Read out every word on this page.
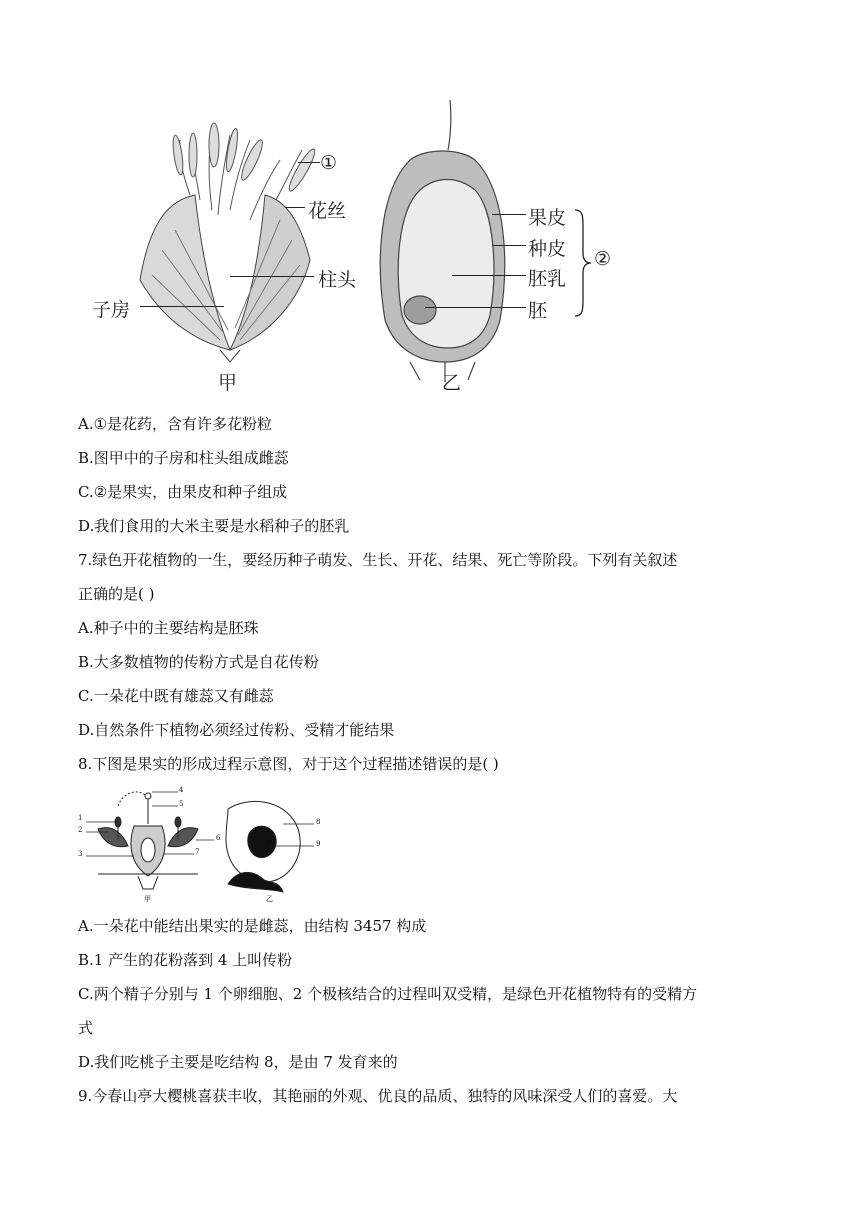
①
花丝
柱头
子房
果皮
种皮
胚乳
胚
②
甲	乙
A.①是花药，含有许多花粉粒
B.图甲中的子房和柱头组成雌蕊
C.②是果实，由果皮和种子组成
D.我们食用的大米主要是水稻种子的胚乳
7.绿色开花植物的一生，要经历种子萌发、生长、开花、结果、死亡等阶段。下列有关叙述
正确的是( )
A.种子中的主要结构是胚珠
B.大多数植物的传粉方式是自花传粉
C.一朵花中既有雄蕊又有雌蕊
D.自然条件下植物必须经过传粉、受精才能结果
8.下图是果实的形成过程示意图，对于这个过程描述错误的是( )
1
2
3
4
5
6
7
8
9
甲	乙
A.一朵花中能结出果实的是雌蕊，由结构 3457 构成
B.1 产生的花粉落到 4 上叫传粉
C.两个精子分别与 1 个卵细胞、2 个极核结合的过程叫双受精，是绿色开花植物特有的受精方
式
D.我们吃桃子主要是吃结构 8，是由 7 发育来的
9.今春山亭大樱桃喜获丰收，其艳丽的外观、优良的品质、独特的风味深受人们的喜爱。大
